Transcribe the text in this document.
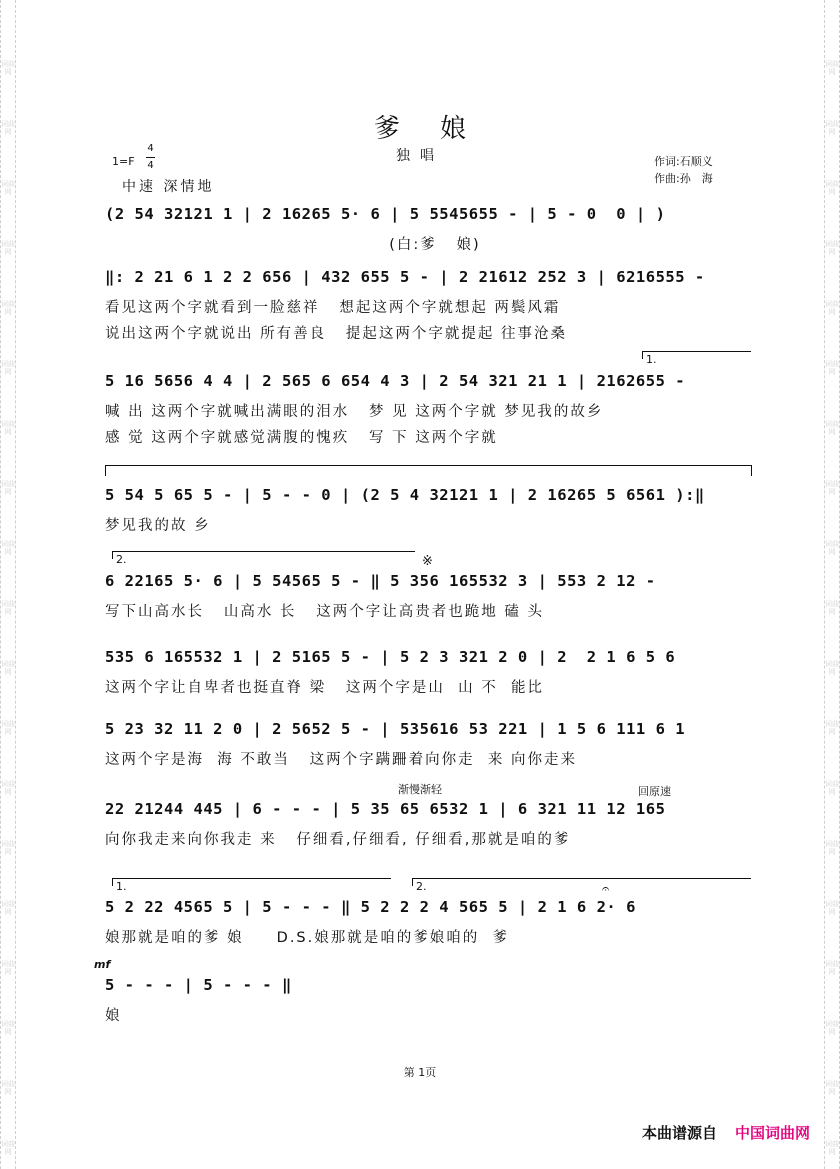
词曲网
词曲网
词曲网
词曲网
词曲网
词曲网
词曲网
词曲网
词曲网
词曲网
词曲网
词曲网
词曲网
词曲网
词曲网
词曲网
词曲网
词曲网
词曲网
词曲网
词曲网
词曲网
词曲网
词曲网
词曲网
词曲网
词曲网
词曲网
词曲网
词曲网
词曲网
词曲网
词曲网
词曲网
词曲网
词曲网
词曲网
词曲网
爹娘
独唱
1=F
4
4
中速 深情地
作词:石顺义
作曲:孙　海
(2 54 32121 1 | 2 16265 5· 6 | 5 5545655 - | 5 - 0  0 | )
(白:爹   娘)
‖: 2 21 6 1 2 2 656 | 432 655 5 - | 2 21612 252 3 | 6216555 -
看见这两个字就看到一脸慈祥   想起这两个字就想起 两鬓风霜
说出这两个字就说出 所有善良   提起这两个字就提起 往事沧桑
5 16 5656 4 4 | 2 565 6 654 4 3 | 2 54 321 21 1 | 2162655 -
喊 出 这两个字就喊出满眼的泪水   梦 见 这两个字就 梦见我的故乡
感 觉 这两个字就感觉满腹的愧疚   写 下 这两个字就
5 54 5 65 5 - | 5 - - 0 | (2 5 4 32121 1 | 2 16265 5 6561 ):‖
梦见我的故 乡
6 22165 5· 6 | 5 54565 5 - ‖ 5 356 165532 3 | 553 2 12 -
写下山高水长   山高水 长   这两个字让高贵者也跪地 磕 头
535 6 165532 1 | 2 5165 5 - | 5 2 3 321 2 0 | 2  2 1 6 5 6
这两个字让自卑者也挺直脊 梁   这两个字是山  山 不  能比
5 23 32 11 2 0 | 2 5652 5 - | 535616 53 221 | 1 5 6 111 6 1
这两个字是海  海 不敢当   这两个字蹒跚着向你走  来 向你走来
22 21244 445 | 6 - - - | 5 35 65 6532 1 | 6 321 11 12 165
向你我走来向你我走 来   仔细看,仔细看, 仔细看,那就是咱的爹
5 2 22 4565 5 | 5 - - - ‖ 5 2 2 2 4 565 5 | 2 1 6 2· 6
娘那就是咱的爹 娘     D.S.娘那就是咱的爹娘咱的  爹
5 - - - | 5 - - - ‖
娘
1.
2.	※
渐慢渐轻	回原速
1.	2.	𝄐
mf
第 1页
本曲谱源自 中国词曲网
